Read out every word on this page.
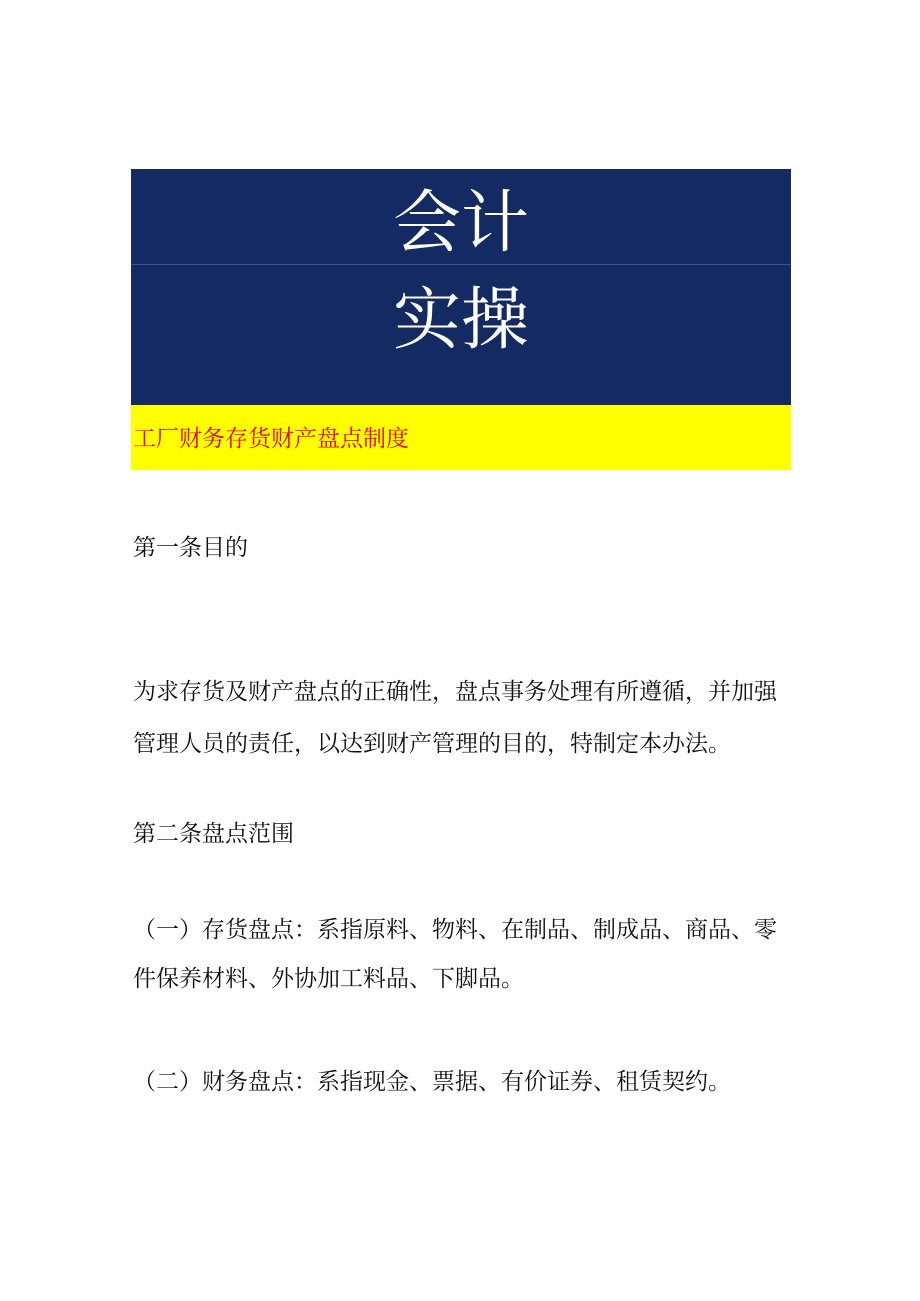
会计
实操
工厂财务存货财产盘点制度
第一条目的
为求存货及财产盘点的正确性，盘点事务处理有所遵循，并加强
管理人员的责任，以达到财产管理的目的，特制定本办法。
第二条盘点范围
（一）存货盘点：系指原料、物料、在制品、制成品、商品、零
件保养材料、外协加工料品、下脚品。
（二）财务盘点：系指现金、票据、有价证券、租赁契约。
